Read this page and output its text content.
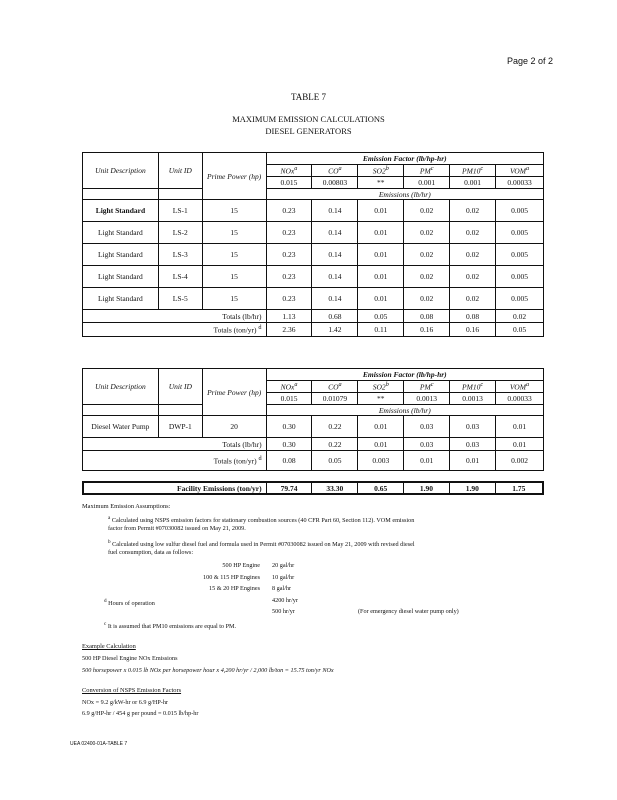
Page 2 of 2
TABLE 7
MAXIMUM EMISSION CALCULATIONS
DIESEL GENERATORS
Unit Description	Unit ID	Prime Power (hp)	Emission Factor (lb/hp-hr)					
			NOx$^a$	$CO^a$	SO2$^b$	$PM^c$	PM10$^c$	VOM$^a$
			0.015	0.00803	**	0.001	0.001	0.00033
			Emissions (lb/hr)					
Light Standard	LS-1	15	0.23	0.14	0.01	0.02	0.02	0.005
Light Standard	LS-2	15	0.23	0.14	0.01	0.02	0.02	0.005
Light Standard	LS-3	15	0.23	0.14	0.01	0.02	0.02	0.005
Light Standard	LS-4	15	0.23	0.14	0.01	0.02	0.02	0.005
Light Standard	LS-5	15	0.23	0.14	0.01	0.02	0.02	0.005
Totals (lb/hr)			1.13	0.68	0.05	0.08	0.08	0.02
Totals (ton/yr) $^d$			2.36	1.42	0.11	0.16	0.16	0.05
Unit Description	Unit ID	Prime Power (hp)	Emission Factor (lb/hp-hr)					
			NOx$^a$	$CO^a$	SO2$^b$	$PM^c$	PM10$^c$	VOM$^a$
			0.015	0.01079	**	0.0013	0.0013	0.00033
			Emissions (lb/hr)					
Diesel Water Pump	DWP-1	20	0.30	0.22	0.01	0.03	0.03	0.01
Totals (lb/hr)			0.30	0.22	0.01	0.03	0.03	0.01
Totals (ton/yr) $^d$			0.08	0.05	0.003	0.01	0.01	0.002
Facility Emissions (ton/yr)	79.74	33.30	0.65	1.90	1.90	1.75
Maximum Emission Assumptions:
$^a$ Calculated using NSPS emission factors for stationary combustion sources (40 CFR Part 60, Section 112). VOM emission
factor from Permit #07030082 issued on May 21, 2009.
$^b$ Calculated using low sulfur diesel fuel and formula used in Permit #07030082 issued on May 21, 2009 with revised diesel
fuel consumption, data as follows:
500 HP Engine 20 gal/hr
100 & 115 HP Engines 10 gal/hr
15 & 20 HP Engines 8 gal/hr
$^d$ Hours of operation	4200 hr/yr
500 hr/yr	(For emergency diesel water pump only)
$^c$ It is assumed that PM10 emissions are equal to PM.
Example Calculation
500 HP Diesel Engine NOx Emissions
500 horsepower x 0.015 lb NOx per horsepower hour x 4,200 hr/yr / 2,000 lb/ton = 15.75 ton/yr NOx
Conversion of NSPS Emission Factors
NOx = 9.2 g/kW-hr or 6.9 g/HP-hr
6.9 g/HP-hr / 454 g per pound = 0.015 lb/hp-hr
UEA 02400-01A-TABLE 7
